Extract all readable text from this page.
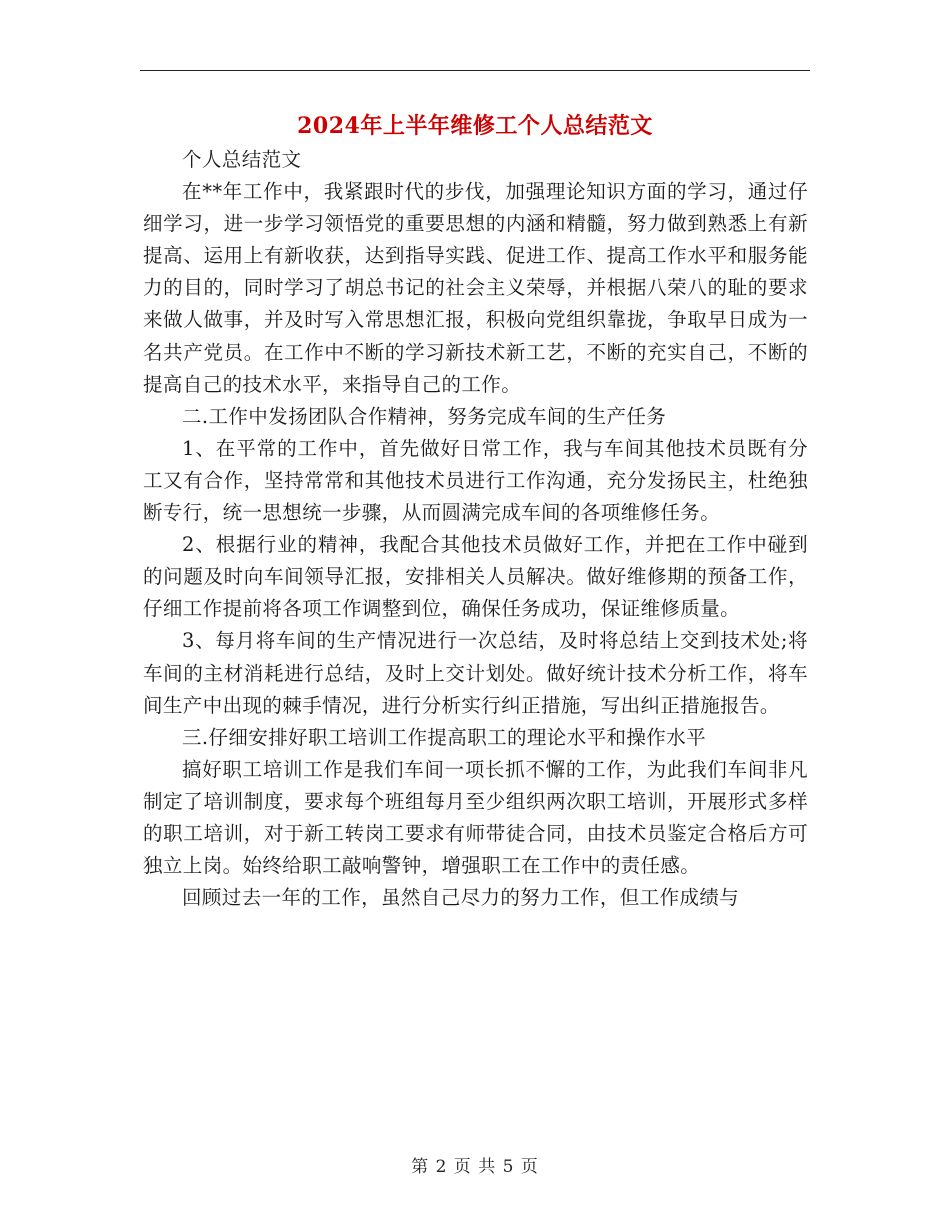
2024年上半年维修工个人总结范文

个人总结范文

在**年工作中，我紧跟时代的步伐，加强理论知识方面的学习，通过仔细学习，进一步学习领悟党的重要思想的内涵和精髓，努力做到熟悉上有新提高、运用上有新收获，达到指导实践、促进工作、提高工作水平和服务能力的目的，同时学习了胡总书记的社会主义荣辱，并根据八荣八的耻的要求来做人做事，并及时写入常思想汇报，积极向党组织靠拢，争取早日成为一名共产党员。在工作中不断的学习新技术新工艺，不断的充实自己，不断的提高自己的技术水平，来指导自己的工作。

二.工作中发扬团队合作精神，努务完成车间的生产任务

1、在平常的工作中，首先做好日常工作，我与车间其他技术员既有分工又有合作，坚持常常和其他技术员进行工作沟通，充分发扬民主，杜绝独断专行，统一思想统一步骤，从而圆满完成车间的各项维修任务。

2、根据行业的精神，我配合其他技术员做好工作，并把在工作中碰到的问题及时向车间领导汇报，安排相关人员解决。做好维修期的预备工作，仔细工作提前将各项工作调整到位，确保任务成功，保证维修质量。

3、每月将车间的生产情况进行一次总结，及时将总结上交到技术处;将车间的主材消耗进行总结，及时上交计划处。做好统计技术分析工作，将车间生产中出现的棘手情况，进行分析实行纠正措施，写出纠正措施报告。

三.仔细安排好职工培训工作提高职工的理论水平和操作水平

搞好职工培训工作是我们车间一项长抓不懈的工作，为此我们车间非凡制定了培训制度，要求每个班组每月至少组织两次职工培训，开展形式多样的职工培训，对于新工转岗工要求有师带徒合同，由技术员鉴定合格后方可独立上岗。始终给职工敲响警钟，增强职工在工作中的责任感。

回顾过去一年的工作，虽然自己尽力的努力工作，但工作成绩与

第 2 页 共 5 页
